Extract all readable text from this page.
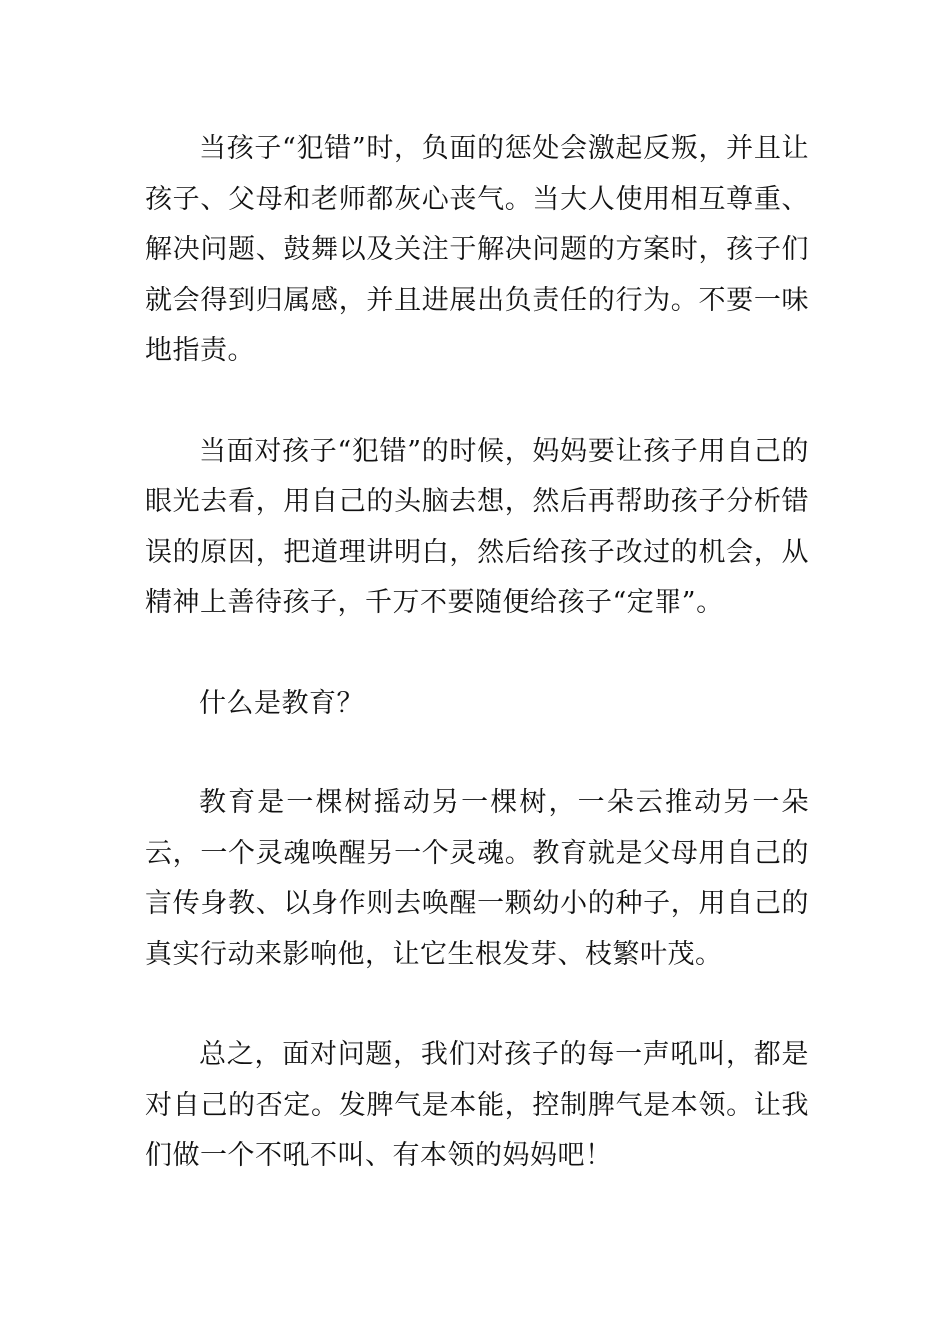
当孩子“犯错”时，负面的惩处会激起反叛，并且让孩子、父母和老师都灰心丧气。当大人使用相互尊重、解决问题、鼓舞以及关注于解决问题的方案时，孩子们就会得到归属感，并且进展出负责任的行为。不要一味地指责。

当面对孩子“犯错”的时候，妈妈要让孩子用自己的眼光去看，用自己的头脑去想，然后再帮助孩子分析错误的原因，把道理讲明白，然后给孩子改过的机会，从精神上善待孩子，千万不要随便给孩子“定罪”。

什么是教育？

教育是一棵树摇动另一棵树，一朵云推动另一朵云，一个灵魂唤醒另一个灵魂。教育就是父母用自己的言传身教、以身作则去唤醒一颗幼小的种子，用自己的真实行动来影响他，让它生根发芽、枝繁叶茂。

总之，面对问题，我们对孩子的每一声吼叫，都是对自己的否定。发脾气是本能，控制脾气是本领。让我们做一个不吼不叫、有本领的妈妈吧！
